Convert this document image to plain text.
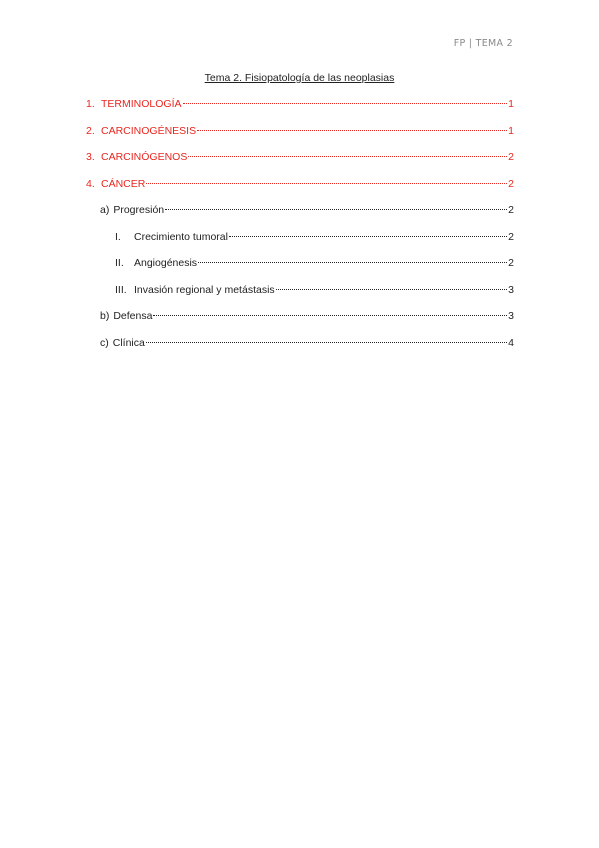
FP | TEMA 2
Tema 2. Fisiopatología de las neoplasias
1. TERMINOLOGÍA	1
2. CARCINOGÉNESIS	1
3. CARCINÓGENOS	2
4. CÁNCER	2
a) Progresión	2
I.	Crecimiento tumoral	2
II. Angiogénesis	2
III. Invasión regional y metástasis	3
b) Defensa	3
c) Clínica	4
